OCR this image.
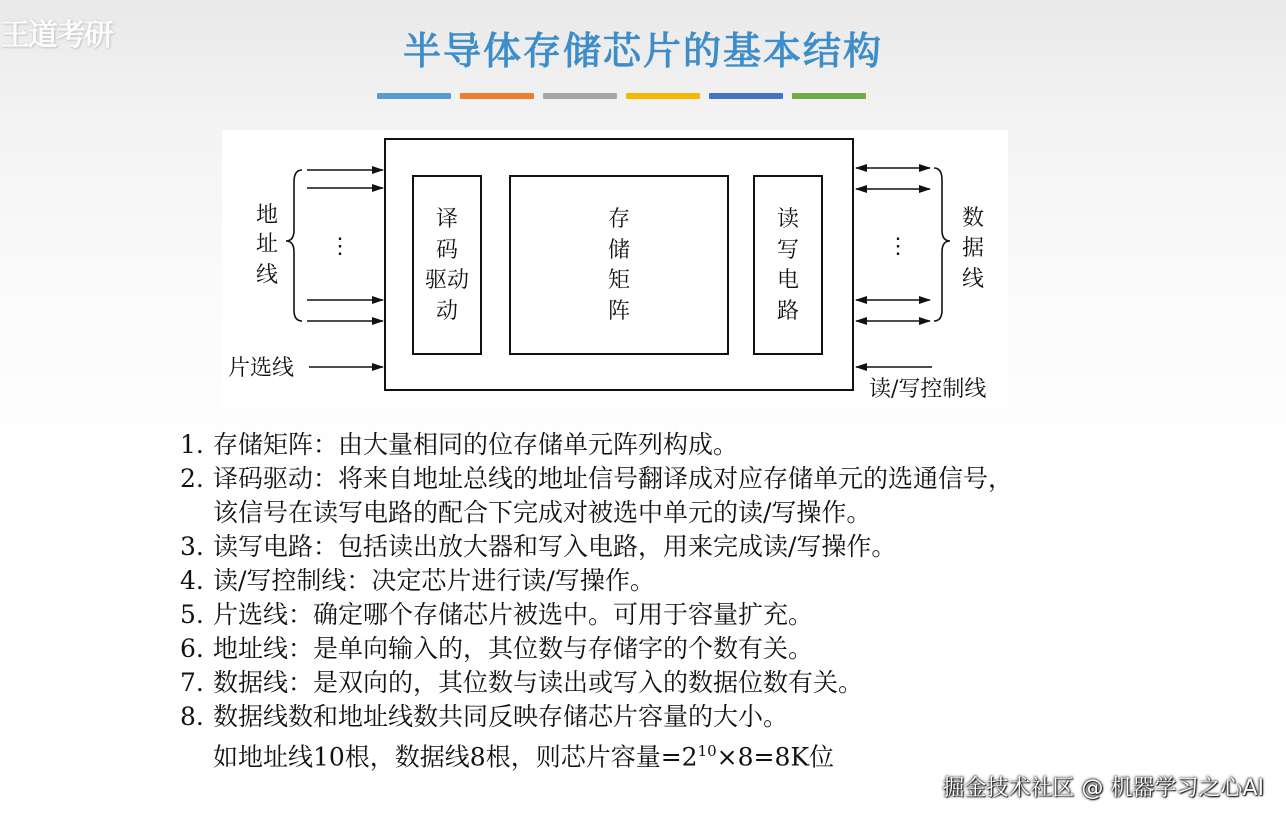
王道考研	半导体存储芯片的基本结构
译
码
驱动
动
存
储
矩
阵
读
写
电
路
⋮
地
址
线
片选线
⋮
数
据
线
读/写控制线
1. 存储矩阵：由大量相同的位存储单元阵列构成。
2. 译码驱动：将来自地址总线的地址信号翻译成对应存储单元的选通信号，
该信号在读写电路的配合下完成对被选中单元的读/写操作。
3. 读写电路：包括读出放大器和写入电路，用来完成读/写操作。
4. 读/写控制线：决定芯片进行读/写操作。
5. 片选线：确定哪个存储芯片被选中。可用于容量扩充。
6. 地址线：是单向输入的，其位数与存储字的个数有关。
7. 数据线：是双向的，其位数与读出或写入的数据位数有关。
8. 数据线数和地址线数共同反映存储芯片容量的大小。
如地址线10根，数据线8根，则芯片容量$=2^{10}\times 8=8K$位
掘金技术社区 @ 机器学习之心AI
